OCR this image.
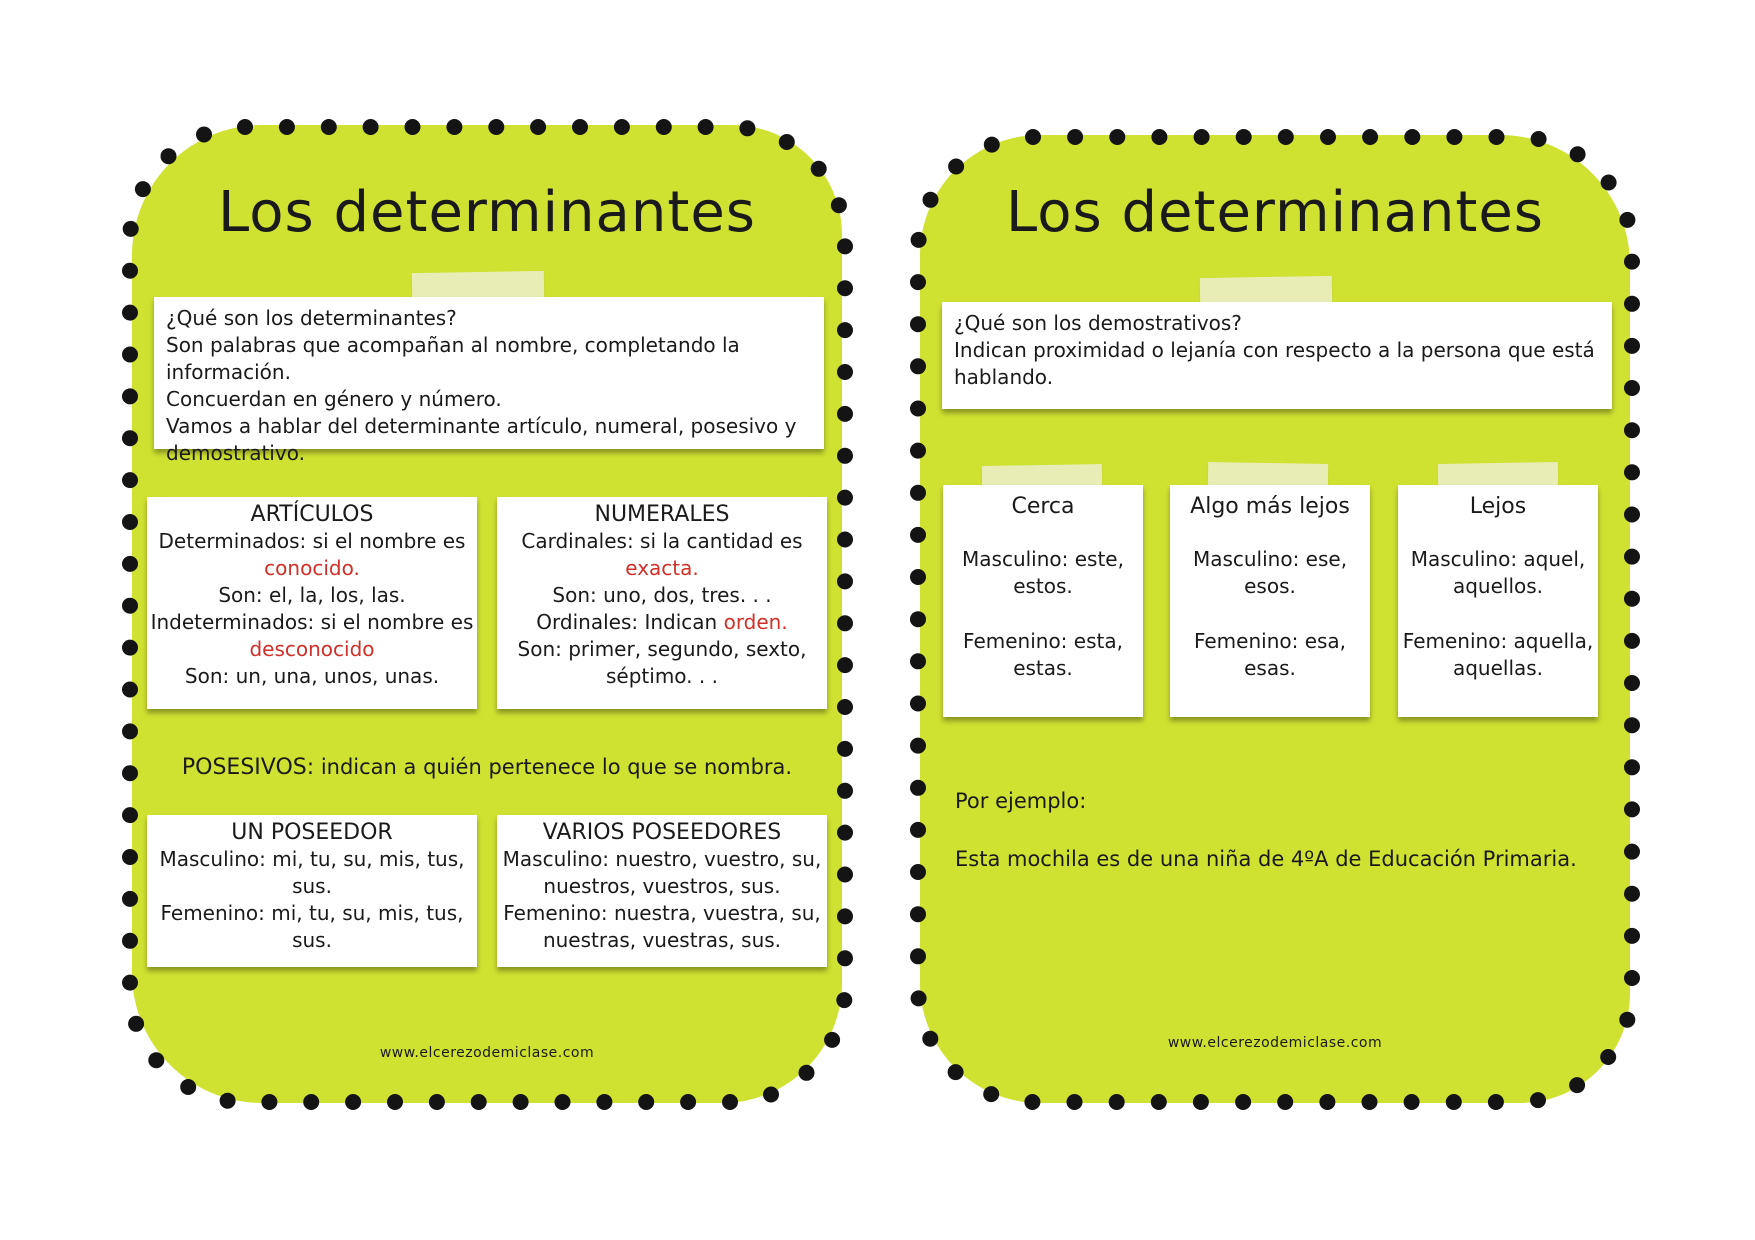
Los determinantes
¿Qué son los determinantes?
Son palabras que acompañan al nombre, completando la
información.
Concuerdan en género y número.
Vamos a hablar del determinante artículo, numeral, posesivo y
demostrativo.
ARTÍCULOS
Determinados: si el nombre es
conocido.
Son: el, la, los, las.
Indeterminados: si el nombre es
desconocido
Son: un, una, unos, unas.
NUMERALES
Cardinales: si la cantidad es
exacta.
Son: uno, dos, tres. . .
Ordinales: Indican orden.
Son: primer, segundo, sexto,
séptimo. . .
POSESIVOS: indican a quién pertenece lo que se nombra.
UN POSEEDOR
Masculino: mi, tu, su, mis, tus, sus.
Femenino: mi, tu, su, mis, tus, sus.
VARIOS POSEEDORES
Masculino: nuestro, vuestro, su,
nuestros, vuestros, sus.
Femenino: nuestra, vuestra, su,
nuestras, vuestras, sus.
www.elcerezodemiclase.com
Los determinantes
¿Qué son los demostrativos?
Indican proximidad o lejanía con respecto a la persona que está
hablando.
Cerca
Masculino: este,
estos.
Femenino: esta,
estas.
Algo más lejos
Masculino: ese,
esos.
Femenino: esa,
esas.
Lejos
Masculino: aquel,
aquellos.
Femenino: aquella,
aquellas.
Por ejemplo:
Esta mochila es de una niña de 4ºA de Educación Primaria.
www.elcerezodemiclase.com
